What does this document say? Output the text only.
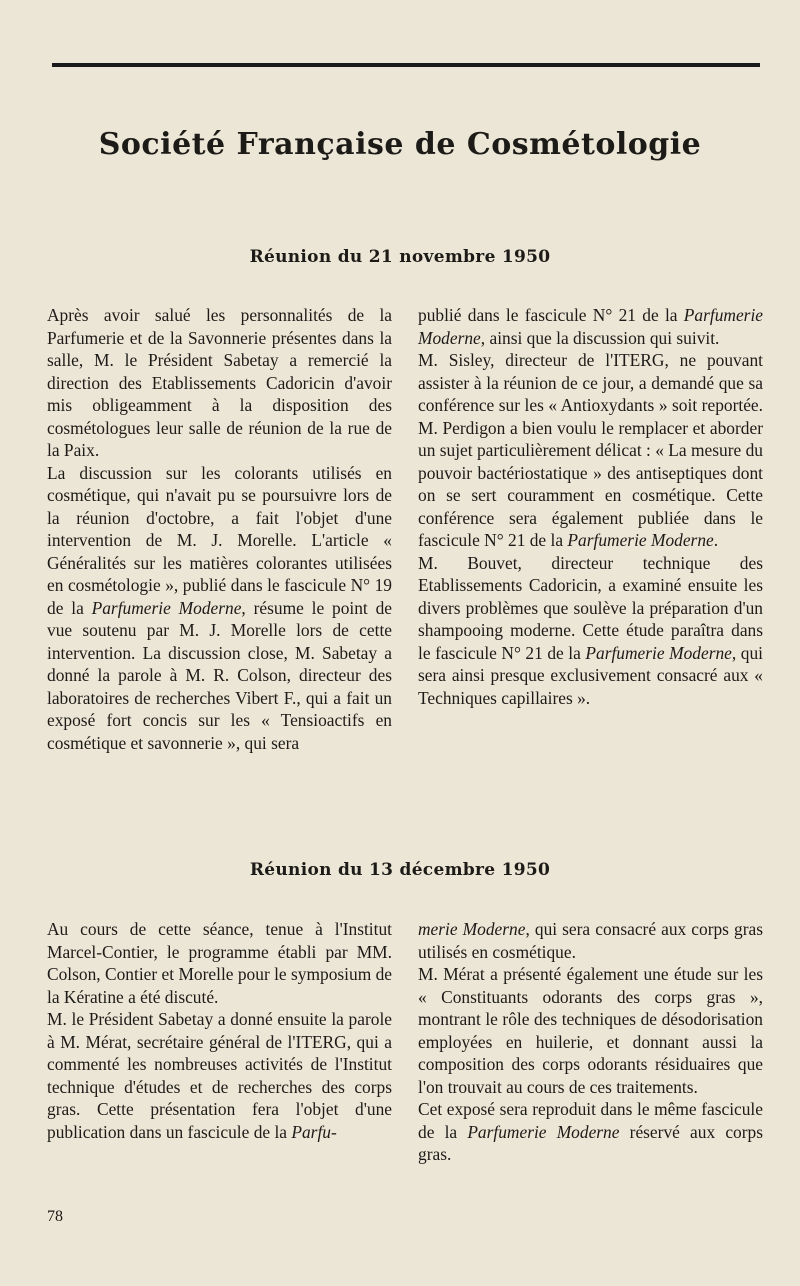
Société Française de Cosmétologie
Réunion du 21 novembre 1950

Après avoir salué les personnalités de la Parfumerie et de la Savonnerie présentes dans la salle, M. le Président Sabetay a remercié la direction des Etablissements Cadoricin d'avoir mis obligeamment à la disposition des cosmétologues leur salle de réunion de la rue de la Paix.

La discussion sur les colorants utilisés en cosmétique, qui n'avait pu se poursuivre lors de la réunion d'octobre, a fait l'objet d'une intervention de M. J. Morelle. L'article « Généralités sur les matières colorantes utilisées en cosmétologie », publié dans le fascicule N° 19 de la Parfumerie Moderne, résume le point de vue soutenu par M. J. Morelle lors de cette intervention. La discussion close, M. Sabetay a donné la parole à M. R. Colson, directeur des laboratoires de recherches Vibert F., qui a fait un exposé fort concis sur les « Tensioactifs en cosmétique et savonnerie », qui sera

publié dans le fascicule N° 21 de la Parfumerie Moderne, ainsi que la discussion qui suivit.

M. Sisley, directeur de l'ITERG, ne pouvant assister à la réunion de ce jour, a demandé que sa conférence sur les « Antioxydants » soit reportée. M. Perdigon a bien voulu le remplacer et aborder un sujet particulièrement délicat : « La mesure du pouvoir bactériostatique » des antiseptiques dont on se sert couramment en cosmétique. Cette conférence sera également publiée dans le fascicule N° 21 de la Parfumerie Moderne.

M. Bouvet, directeur technique des Etablissements Cadoricin, a examiné ensuite les divers problèmes que soulève la préparation d'un shampooing moderne. Cette étude paraîtra dans le fascicule N° 21 de la Parfumerie Moderne, qui sera ainsi presque exclusivement consacré aux « Techniques capillaires ».

Réunion du 13 décembre 1950

Au cours de cette séance, tenue à l'Institut Marcel-Contier, le programme établi par MM. Colson, Contier et Morelle pour le symposium de la Kératine a été discuté.

M. le Président Sabetay a donné ensuite la parole à M. Mérat, secrétaire général de l'ITERG, qui a commenté les nombreuses activités de l'Institut technique d'études et de recherches des corps gras. Cette présentation fera l'objet d'une publication dans un fascicule de la Parfu-

merie Moderne, qui sera consacré aux corps gras utilisés en cosmétique.

M. Mérat a présenté également une étude sur les « Constituants odorants des corps gras », montrant le rôle des techniques de désodorisation employées en huilerie, et donnant aussi la composition des corps odorants résiduaires que l'on trouvait au cours de ces traitements.

Cet exposé sera reproduit dans le même fascicule de la Parfumerie Moderne réservé aux corps gras.

78
